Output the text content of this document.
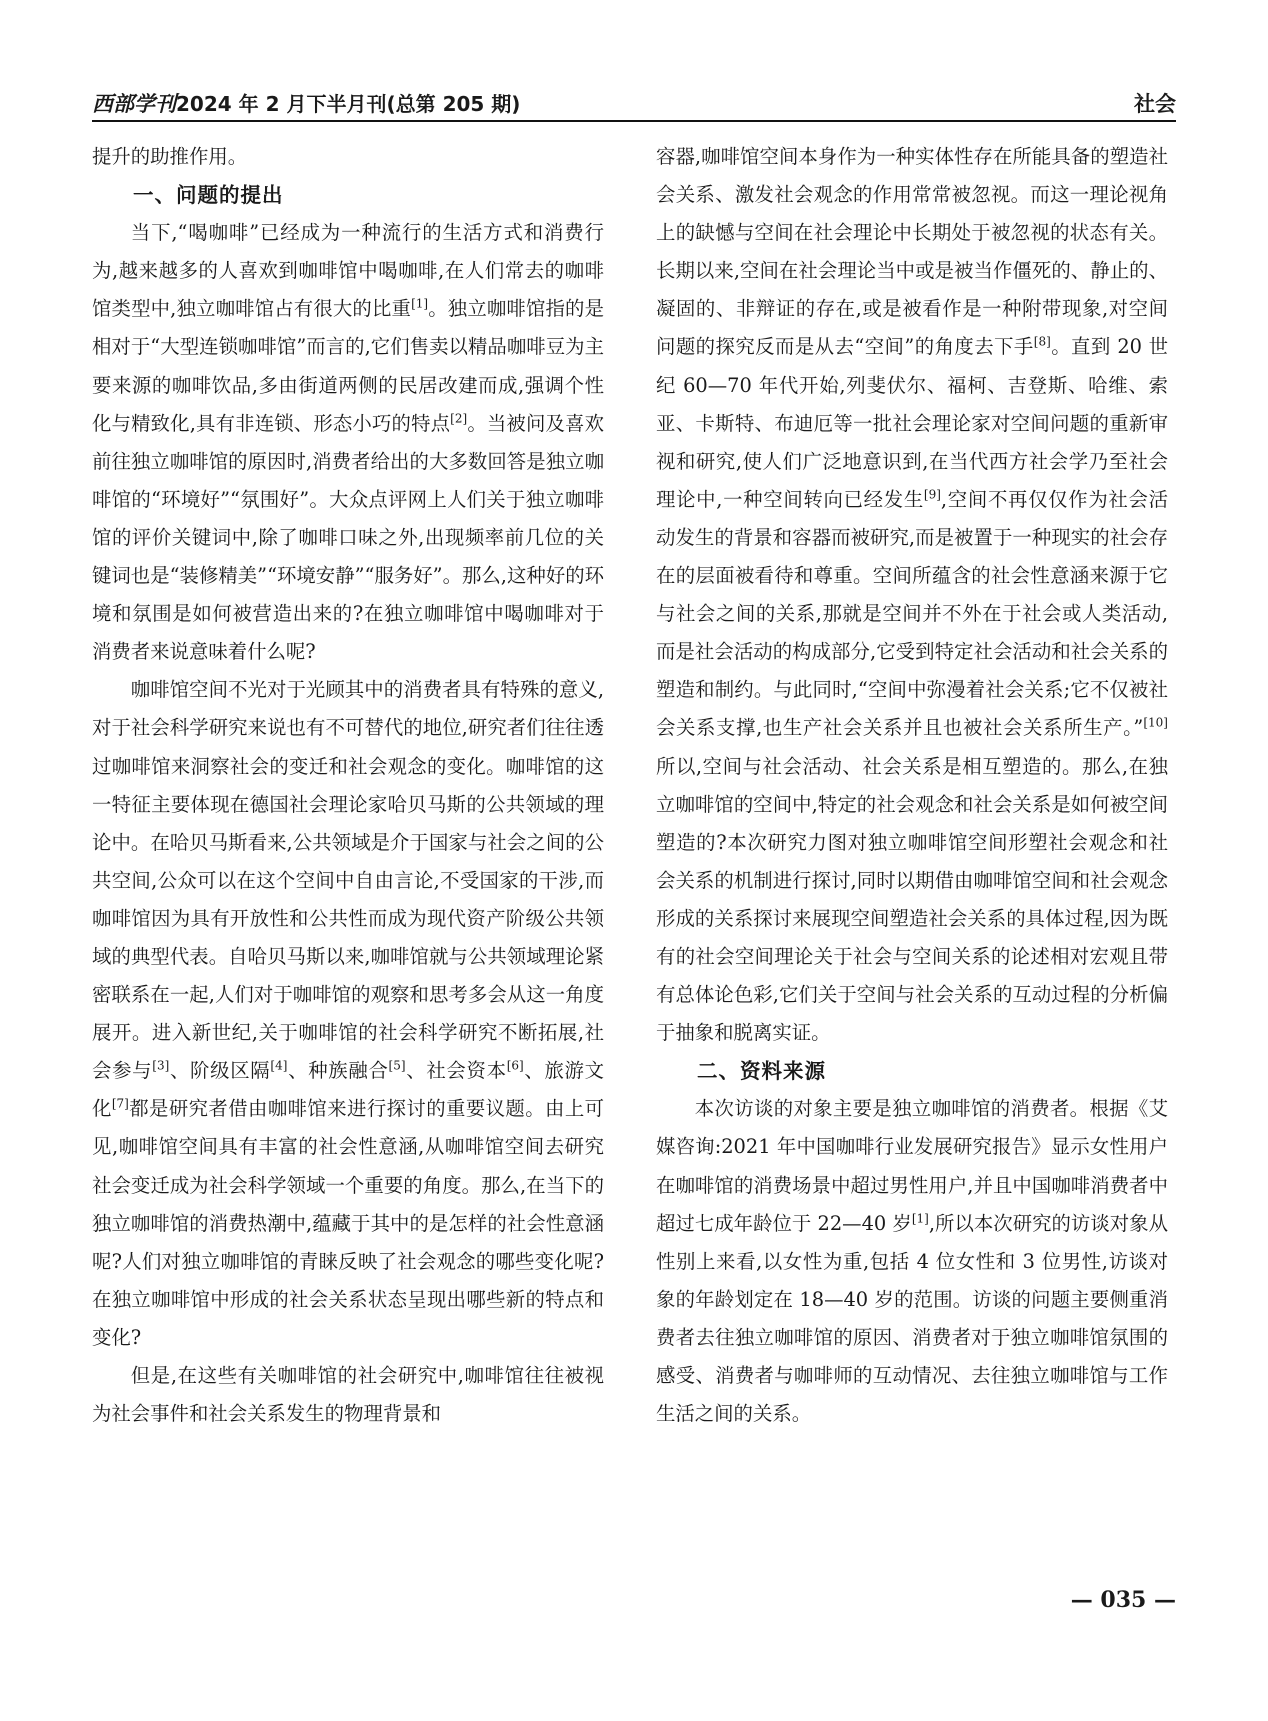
西部学刊2024 年 2 月下半月刊(总第 205 期)	社会

提升的助推作用。

一、问题的提出

当下,“喝咖啡”已经成为一种流行的生活方式和消费行为,越来越多的人喜欢到咖啡馆中喝咖啡,在人们常去的咖啡馆类型中,独立咖啡馆占有很大的比重[1]。独立咖啡馆指的是相对于“大型连锁咖啡馆”而言的,它们售卖以精品咖啡豆为主要来源的咖啡饮品,多由街道两侧的民居改建而成,强调个性化与精致化,具有非连锁、形态小巧的特点[2]。当被问及喜欢前往独立咖啡馆的原因时,消费者给出的大多数回答是独立咖啡馆的“环境好”“氛围好”。大众点评网上人们关于独立咖啡馆的评价关键词中,除了咖啡口味之外,出现频率前几位的关键词也是“装修精美”“环境安静”“服务好”。那么,这种好的环境和氛围是如何被营造出来的?在独立咖啡馆中喝咖啡对于消费者来说意味着什么呢?

咖啡馆空间不光对于光顾其中的消费者具有特殊的意义,对于社会科学研究来说也有不可替代的地位,研究者们往往透过咖啡馆来洞察社会的变迁和社会观念的变化。咖啡馆的这一特征主要体现在德国社会理论家哈贝马斯的公共领域的理论中。在哈贝马斯看来,公共领域是介于国家与社会之间的公共空间,公众可以在这个空间中自由言论,不受国家的干涉,而咖啡馆因为具有开放性和公共性而成为现代资产阶级公共领域的典型代表。自哈贝马斯以来,咖啡馆就与公共领域理论紧密联系在一起,人们对于咖啡馆的观察和思考多会从这一角度展开。进入新世纪,关于咖啡馆的社会科学研究不断拓展,社会参与[3]、阶级区隔[4]、种族融合[5]、社会资本[6]、旅游文化[7]都是研究者借由咖啡馆来进行探讨的重要议题。由上可见,咖啡馆空间具有丰富的社会性意涵,从咖啡馆空间去研究社会变迁成为社会科学领域一个重要的角度。那么,在当下的独立咖啡馆的消费热潮中,蕴藏于其中的是怎样的社会性意涵呢?人们对独立咖啡馆的青睐反映了社会观念的哪些变化呢?在独立咖啡馆中形成的社会关系状态呈现出哪些新的特点和变化?

但是,在这些有关咖啡馆的社会研究中,咖啡馆往往被视为社会事件和社会关系发生的物理背景和

容器,咖啡馆空间本身作为一种实体性存在所能具备的塑造社会关系、激发社会观念的作用常常被忽视。而这一理论视角上的缺憾与空间在社会理论中长期处于被忽视的状态有关。长期以来,空间在社会理论当中或是被当作僵死的、静止的、凝固的、非辩证的存在,或是被看作是一种附带现象,对空间问题的探究反而是从去“空间”的角度去下手[8]。直到 20 世纪 60—70 年代开始,列斐伏尔、福柯、吉登斯、哈维、索亚、卡斯特、布迪厄等一批社会理论家对空间问题的重新审视和研究,使人们广泛地意识到,在当代西方社会学乃至社会理论中,一种空间转向已经发生[9],空间不再仅仅作为社会活动发生的背景和容器而被研究,而是被置于一种现实的社会存在的层面被看待和尊重。空间所蕴含的社会性意涵来源于它与社会之间的关系,那就是空间并不外在于社会或人类活动,而是社会活动的构成部分,它受到特定社会活动和社会关系的塑造和制约。与此同时,“空间中弥漫着社会关系;它不仅被社会关系支撑,也生产社会关系并且也被社会关系所生产。”[10]所以,空间与社会活动、社会关系是相互塑造的。那么,在独立咖啡馆的空间中,特定的社会观念和社会关系是如何被空间塑造的?本次研究力图对独立咖啡馆空间形塑社会观念和社会关系的机制进行探讨,同时以期借由咖啡馆空间和社会观念形成的关系探讨来展现空间塑造社会关系的具体过程,因为既有的社会空间理论关于社会与空间关系的论述相对宏观且带有总体论色彩,它们关于空间与社会关系的互动过程的分析偏于抽象和脱离实证。

二、资料来源

本次访谈的对象主要是独立咖啡馆的消费者。根据《艾媒咨询:2021 年中国咖啡行业发展研究报告》显示女性用户在咖啡馆的消费场景中超过男性用户,并且中国咖啡消费者中超过七成年龄位于 22—40 岁[1],所以本次研究的访谈对象从性别上来看,以女性为重,包括 4 位女性和 3 位男性,访谈对象的年龄划定在 18—40 岁的范围。访谈的问题主要侧重消费者去往独立咖啡馆的原因、消费者对于独立咖啡馆氛围的感受、消费者与咖啡师的互动情况、去往独立咖啡馆与工作生活之间的关系。

— 035 —
